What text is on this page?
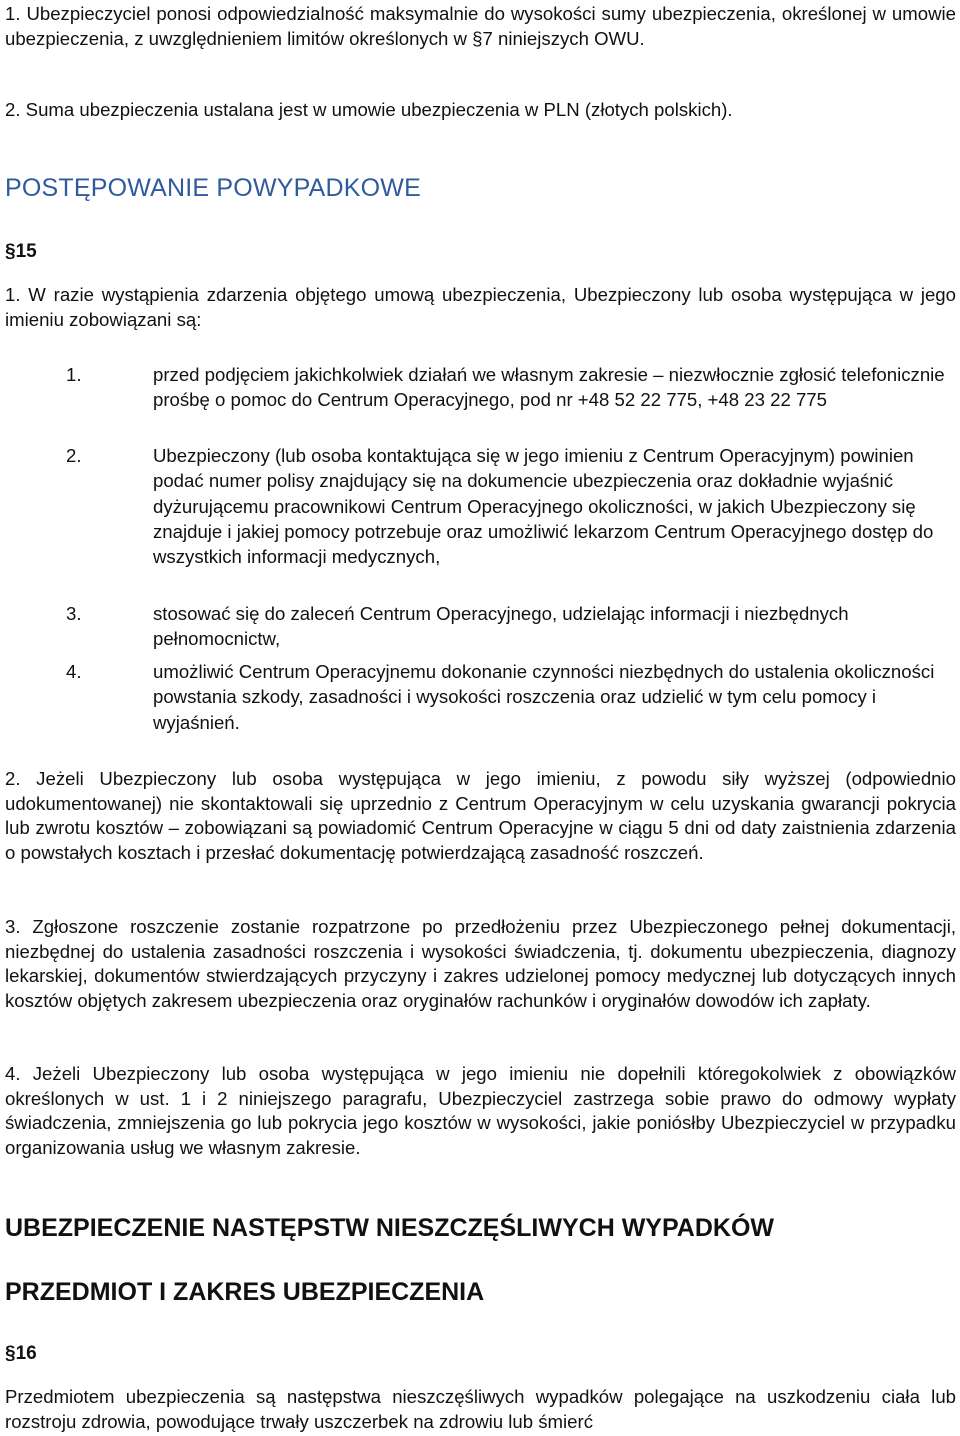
1. Ubezpieczyciel ponosi odpowiedzialność maksymalnie do wysokości sumy ubezpieczenia, określonej w umowie ubezpieczenia, z uwzględnieniem limitów określonych w §7 niniejszych OWU.

2. Suma ubezpieczenia ustalana jest w umowie ubezpieczenia w PLN (złotych polskich).

POSTĘPOWANIE POWYPADKOWE
§15

1. W razie wystąpienia zdarzenia objętego umową ubezpieczenia, Ubezpieczony lub osoba występująca w jego imieniu zobowiązani są:

1.	przed podjęciem jakichkolwiek działań we własnym zakresie – niezwłocznie zgłosić telefonicznie prośbę o pomoc do Centrum Operacyjnego, pod nr +48 52 22 775, +48 23 22 775

2.	Ubezpieczony (lub osoba kontaktująca się w jego imieniu z Centrum Operacyjnym) powinien podać numer polisy znajdujący się na dokumencie ubezpieczenia oraz dokładnie wyjaśnić dyżurującemu pracownikowi Centrum Operacyjnego okoliczności, w jakich Ubezpieczony się znajduje i jakiej pomocy potrzebuje oraz umożliwić lekarzom Centrum Operacyjnego dostęp do wszystkich informacji medycznych,

3.	stosować się do zaleceń Centrum Operacyjnego, udzielając informacji i niezbędnych pełnomocnictw,

4.	umożliwić Centrum Operacyjnemu dokonanie czynności niezbędnych do ustalenia okoliczności powstania szkody, zasadności i wysokości roszczenia oraz udzielić w tym celu pomocy i wyjaśnień.

2. Jeżeli Ubezpieczony lub osoba występująca w jego imieniu, z powodu siły wyższej (odpowiednio udokumentowanej) nie skontaktowali się uprzednio z Centrum Operacyjnym w celu uzyskania gwarancji pokrycia lub zwrotu kosztów – zobowiązani są powiadomić Centrum Operacyjne w ciągu 5 dni od daty zaistnienia zdarzenia o powstałych kosztach i przesłać dokumentację potwierdzającą zasadność roszczeń.

3. Zgłoszone roszczenie zostanie rozpatrzone po przedłożeniu przez Ubezpieczonego pełnej dokumentacji, niezbędnej do ustalenia zasadności roszczenia i wysokości świadczenia, tj. dokumentu ubezpieczenia, diagnozy lekarskiej, dokumentów stwierdzających przyczyny i zakres udzielonej pomocy medycznej lub dotyczących innych kosztów objętych zakresem ubezpieczenia oraz oryginałów rachunków i oryginałów dowodów ich zapłaty.

4. Jeżeli Ubezpieczony lub osoba występująca w jego imieniu nie dopełnili któregokolwiek z obowiązków określonych w ust. 1 i 2 niniejszego paragrafu, Ubezpieczyciel zastrzega sobie prawo do odmowy wypłaty świadczenia, zmniejszenia go lub pokrycia jego kosztów w wysokości, jakie poniósłby Ubezpieczyciel w przypadku organizowania usług we własnym zakresie.

UBEZPIECZENIE NASTĘPSTW NIESZCZĘŚLIWYCH WYPADKÓW
PRZEDMIOT I ZAKRES UBEZPIECZENIA
§16

Przedmiotem ubezpieczenia są następstwa nieszczęśliwych wypadków polegające na uszkodzeniu ciała lub rozstroju zdrowia, powodujące trwały uszczerbek na zdrowiu lub śmierć
